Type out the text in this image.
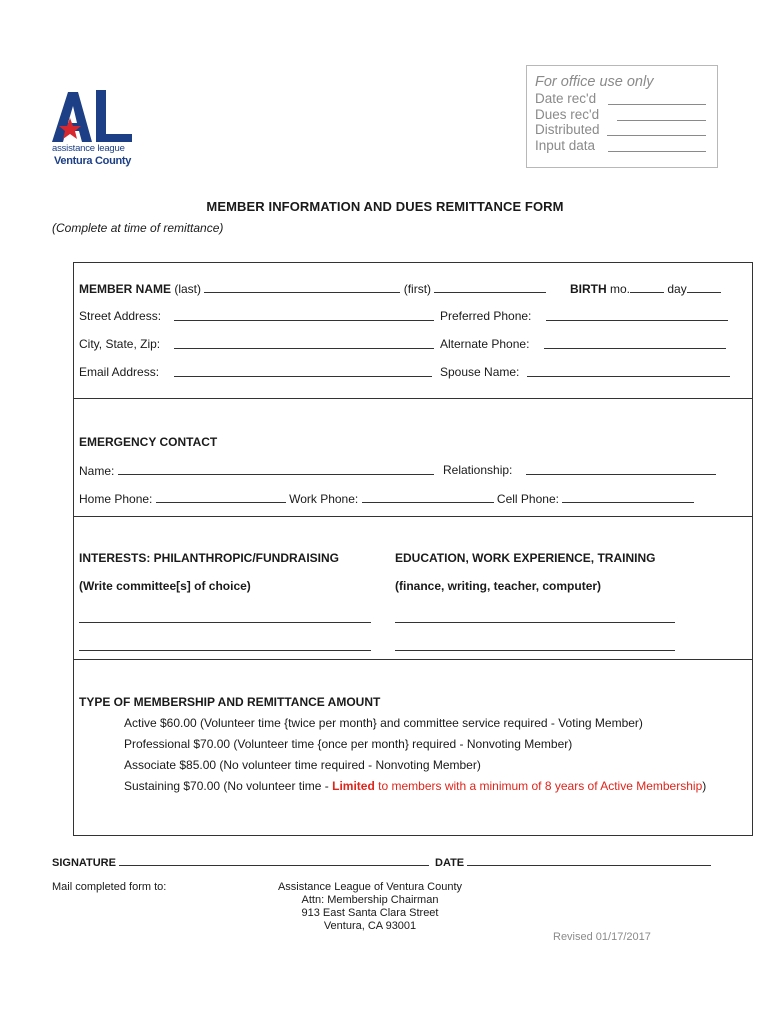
assistance league
Ventura County
For office use only
Date rec'd
Dues rec'd
Distributed
Input data
MEMBER INFORMATION AND DUES REMITTANCE FORM
(Complete at time of remittance)
MEMBER NAME (last)	(first)	BIRTH mo.	day
Street Address:	Preferred Phone:
City, State, Zip:	Alternate Phone:
Email Address:	Spouse Name:
EMERGENCY CONTACT
Name:	Relationship:
Home Phone:	Work Phone:	Cell Phone:
INTERESTS: PHILANTHROPIC/FUNDRAISING
(Write committee[s] of choice)
EDUCATION, WORK EXPERIENCE, TRAINING
(finance, writing, teacher, computer)
TYPE OF MEMBERSHIP AND REMITTANCE AMOUNT
Active $60.00 (Volunteer time {twice per month} and committee service required - Voting Member)
Professional $70.00 (Volunteer time {once per month} required - Nonvoting Member)
Associate $85.00 (No volunteer time required - Nonvoting Member)
Sustaining $70.00 (No volunteer time - Limited to members with a minimum of 8 years of Active Membership)
SIGNATURE	DATE
Mail completed form to:	Assistance League of Ventura County
Attn: Membership Chairman
913 East Santa Clara Street
Ventura, CA 93001
Revised 01/17/2017
